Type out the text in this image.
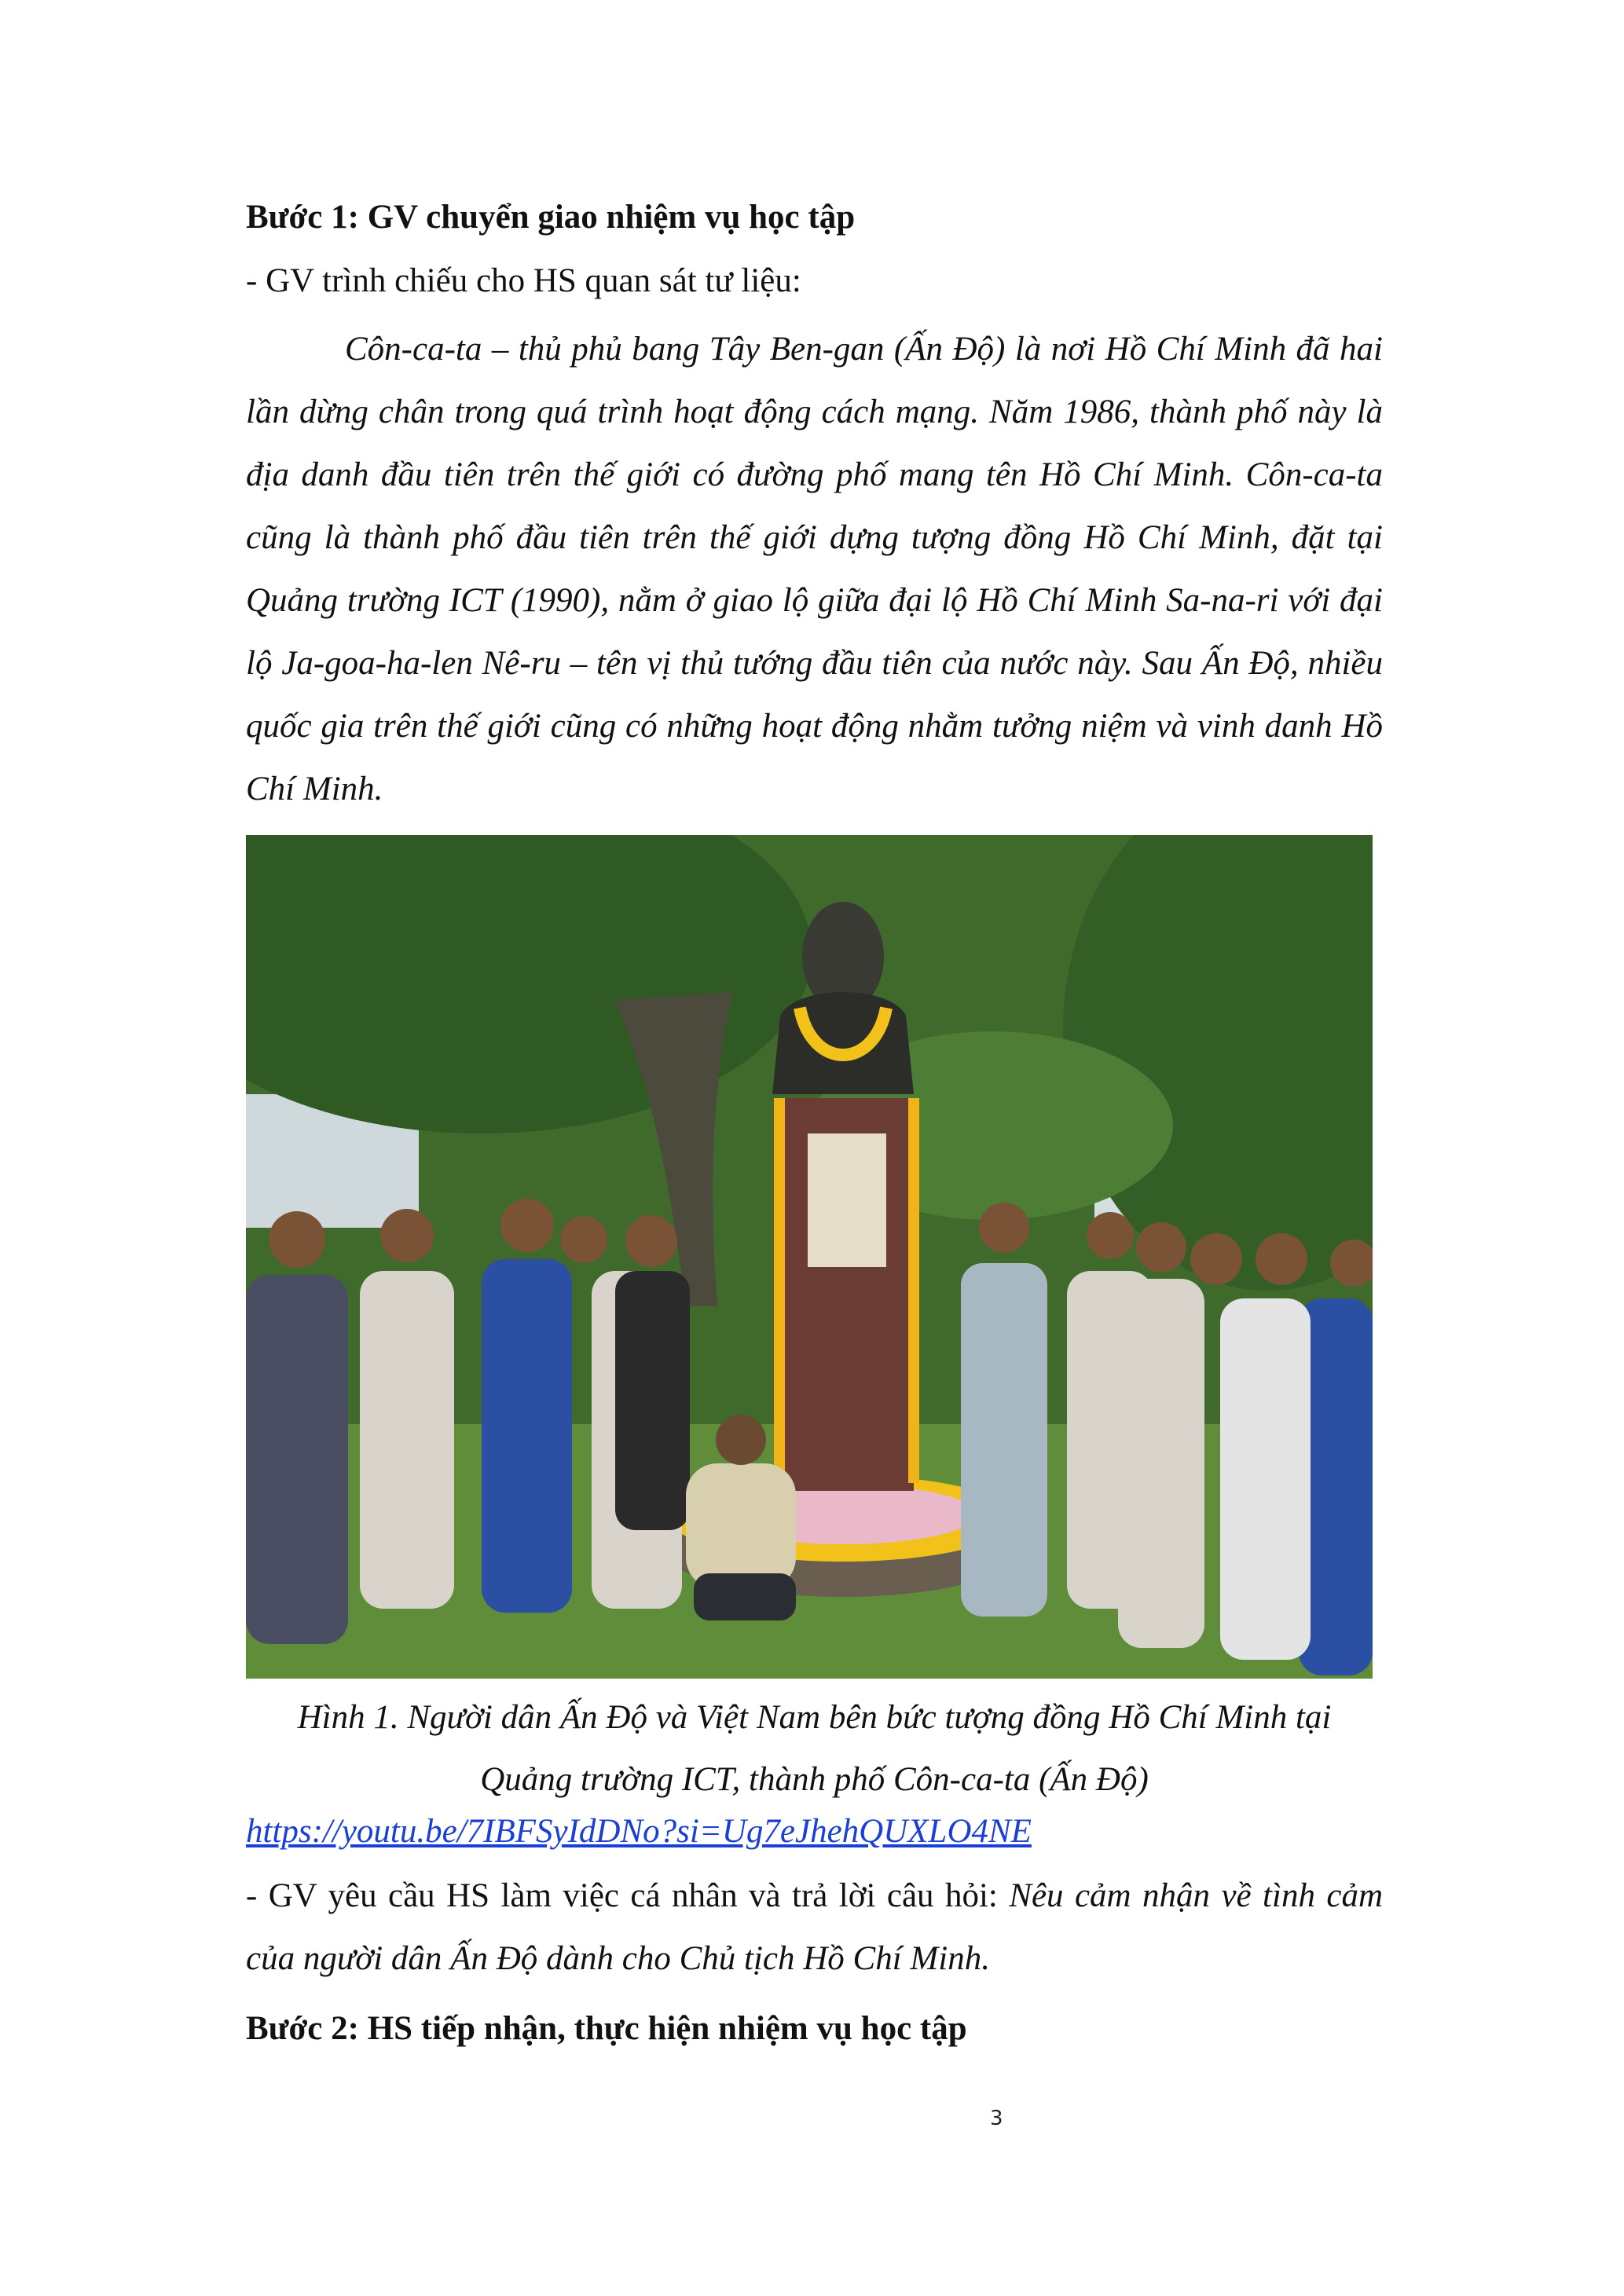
Bước 1: GV chuyển giao nhiệm vụ học tập

- GV trình chiếu cho HS quan sát tư liệu:

Côn-ca-ta – thủ phủ bang Tây Ben-gan (Ấn Độ) là nơi Hồ Chí Minh đã hai lần dừng chân trong quá trình hoạt động cách mạng. Năm 1986, thành phố này là địa danh đầu tiên trên thế giới có đường phố mang tên Hồ Chí Minh. Côn-ca-ta cũng là thành phố đầu tiên trên thế giới dựng tượng đồng Hồ Chí Minh, đặt tại Quảng trường ICT (1990), nằm ở giao lộ giữa đại lộ Hồ Chí Minh Sa-na-ri với đại lộ Ja-goa-ha-len Nê-ru – tên vị thủ tướng đầu tiên của nước này. Sau Ấn Độ, nhiều quốc gia trên thế giới cũng có những hoạt động nhằm tưởng niệm và vinh danh Hồ Chí Minh.

Hình 1. Người dân Ấn Độ và Việt Nam bên bức tượng đồng Hồ Chí Minh tại

Quảng trường ICT, thành phố Côn-ca-ta (Ấn Độ)

https://youtu.be/7IBFSyIdDNo?si=Ug7eJhehQUXLO4NE

- GV yêu cầu HS làm việc cá nhân và trả lời câu hỏi: Nêu cảm nhận về tình cảm của người dân Ấn Độ dành cho Chủ tịch Hồ Chí Minh.

Bước 2: HS tiếp nhận, thực hiện nhiệm vụ học tập

3
